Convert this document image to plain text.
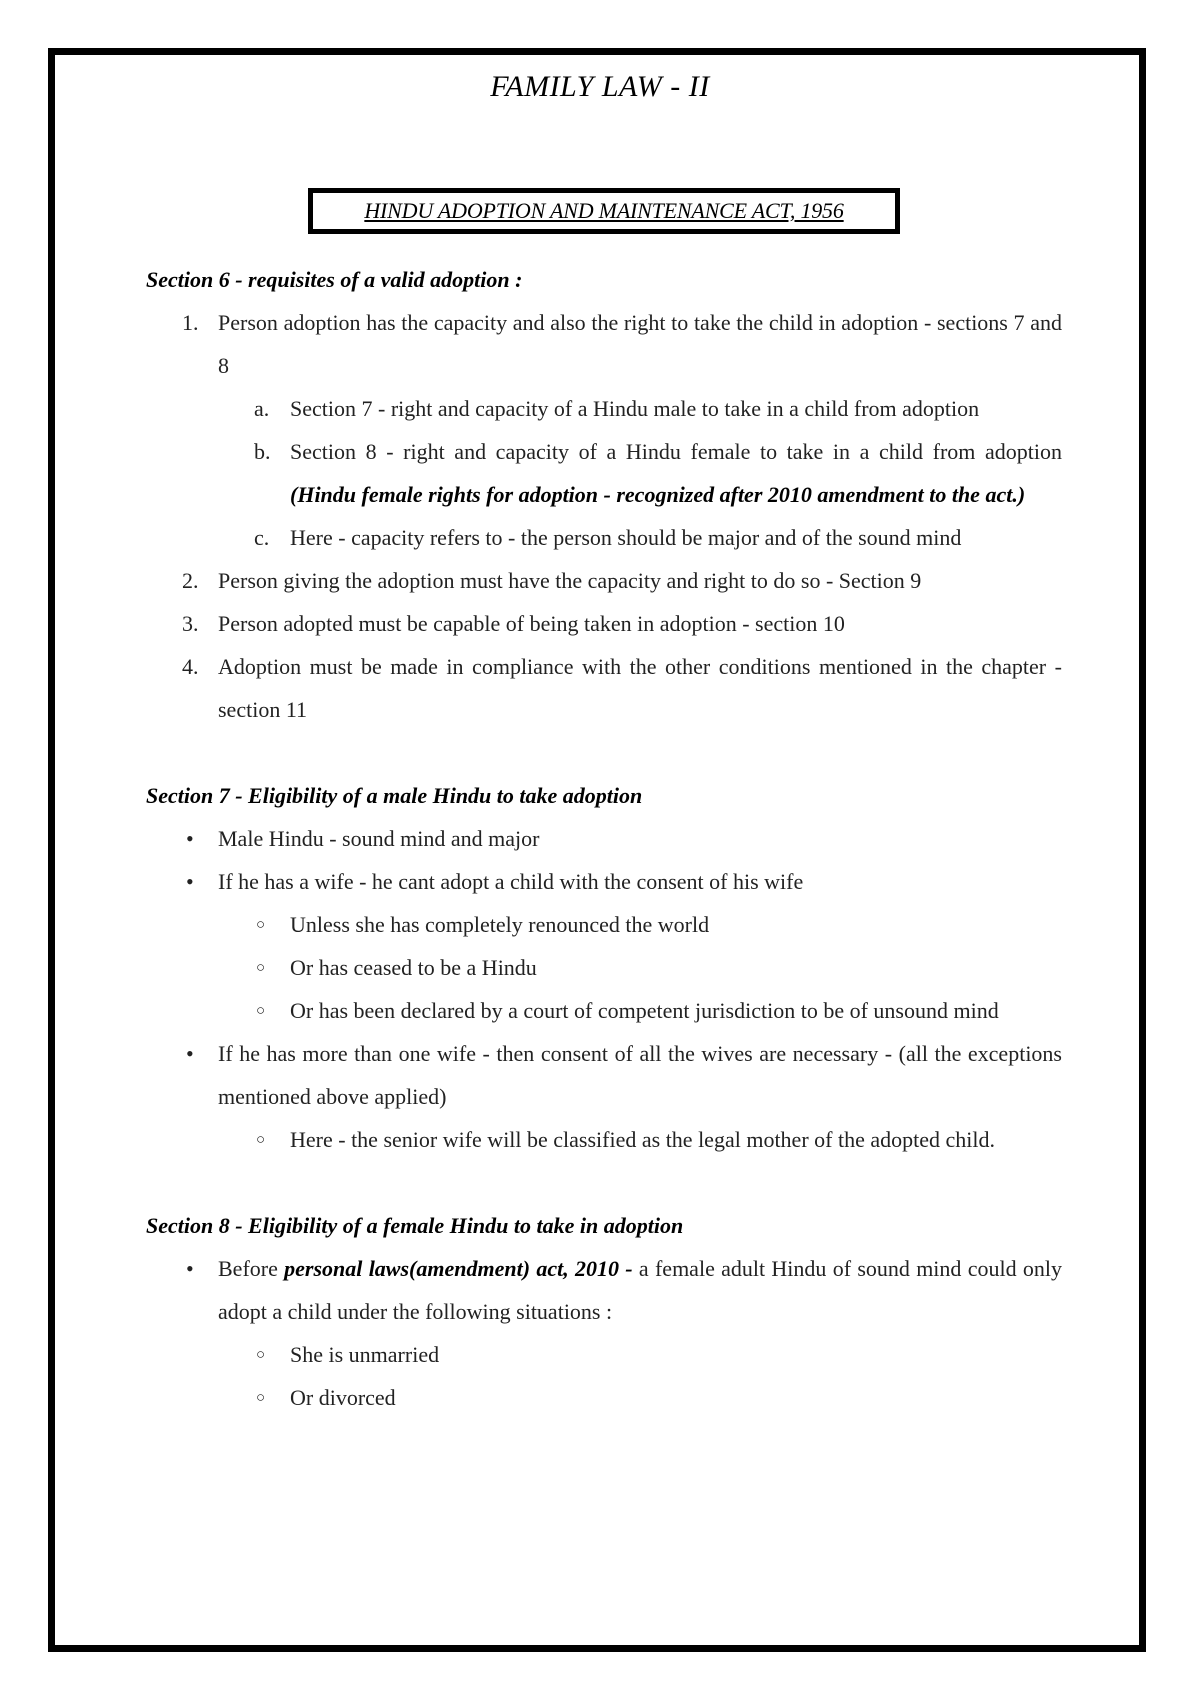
FAMILY LAW - II
HINDU ADOPTION AND MAINTENANCE ACT, 1956

Section 6 - requisites of a valid adoption :

1. Person adoption has the capacity and also the right to take the child in adoption - sections 7 and 8
a. Section 7 - right and capacity of a Hindu male to take in a child from adoption
b. Section 8 - right and capacity of a Hindu female to take in a child from adoption (Hindu female rights for adoption - recognized after 2010 amendment to the act.)
c. Here - capacity refers to - the person should be major and of the sound mind
2. Person giving the adoption must have the capacity and right to do so - Section 9
3. Person adopted must be capable of being taken in adoption - section 10
4. Adoption must be made in compliance with the other conditions mentioned in the chapter - section 11

Section 7 - Eligibility of a male Hindu to take adoption

• Male Hindu - sound mind and major
• If he has a wife - he cant adopt a child with the consent of his wife
○ Unless she has completely renounced the world
○ Or has ceased to be a Hindu
○ Or has been declared by a court of competent jurisdiction to be of unsound mind
• If he has more than one wife - then consent of all the wives are necessary - (all the exceptions mentioned above applied)
○ Here - the senior wife will be classified as the legal mother of the adopted child.

Section 8 - Eligibility of a female Hindu to take in adoption

• Before personal laws(amendment) act, 2010 - a female adult Hindu of sound mind could only adopt a child under the following situations :
○ She is unmarried
○ Or divorced
